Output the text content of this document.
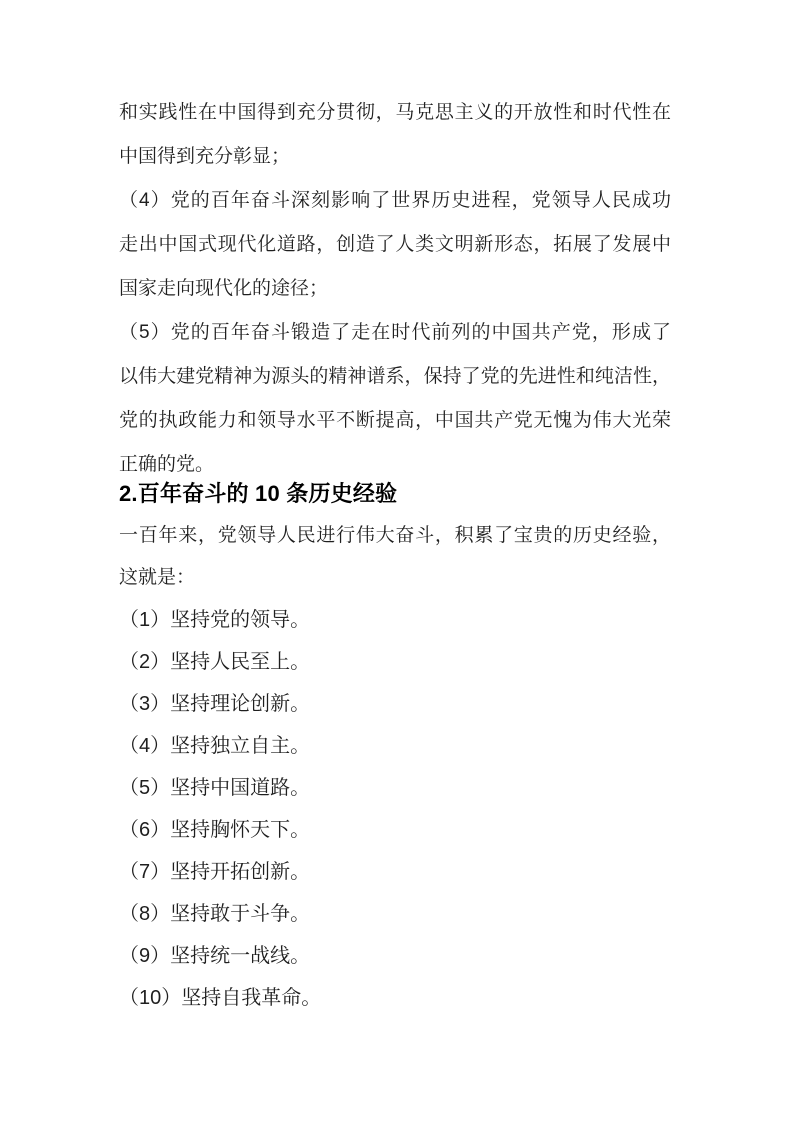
和实践性在中国得到充分贯彻，马克思主义的开放性和时代性在
中国得到充分彰显；

（4）党的百年奋斗深刻影响了世界历史进程，党领导人民成功
走出中国式现代化道路，创造了人类文明新形态，拓展了发展中
国家走向现代化的途径；

（5）党的百年奋斗锻造了走在时代前列的中国共产党，形成了
以伟大建党精神为源头的精神谱系，保持了党的先进性和纯洁性，
党的执政能力和领导水平不断提高，中国共产党无愧为伟大光荣
正确的党。

2.百年奋斗的 10 条历史经验

一百年来，党领导人民进行伟大奋斗，积累了宝贵的历史经验，
这就是：

（1）坚持党的领导。
（2）坚持人民至上。
（3）坚持理论创新。
（4）坚持独立自主。
（5）坚持中国道路。
（6）坚持胸怀天下。
（7）坚持开拓创新。
（8）坚持敢于斗争。
（9）坚持统一战线。
（10）坚持自我革命。
